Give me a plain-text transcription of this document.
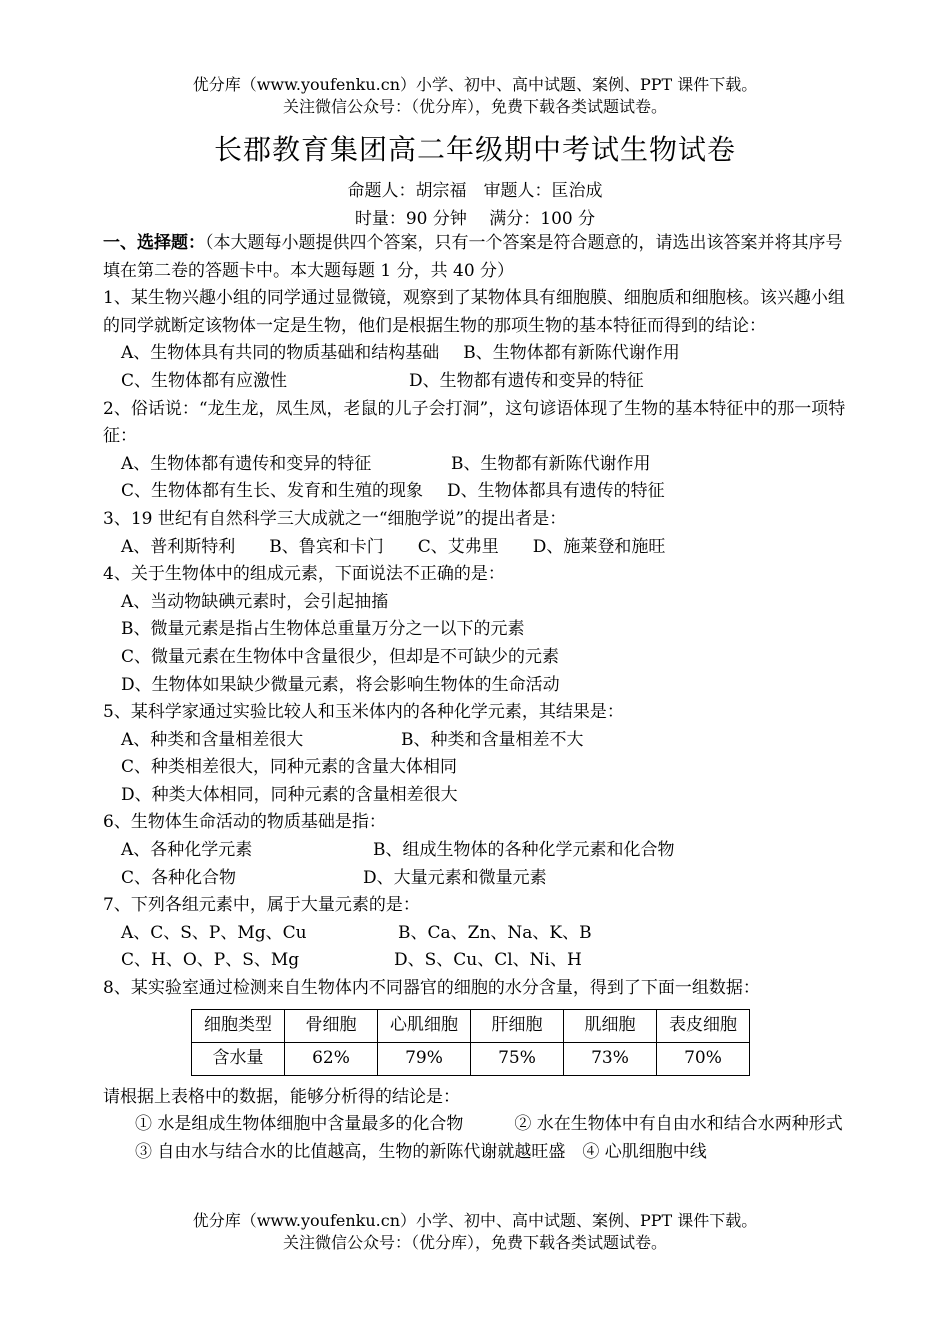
优分库（www.youfenku.cn）小学、初中、高中试题、案例、PPT 课件下载。
关注微信公众号：（优分库），免费下载各类试题试卷。
长郡教育集团高二年级期中考试生物试卷
命题人：胡宗福　审题人：匡治成
时量：90 分钟　 满分：100 分

一、选择题：（本大题每小题提供四个答案，只有一个答案是符合题意的，请选出该答案并将其序号填在第二卷的答题卡中。本大题每题 1 分，共 40 分）

1、某生物兴趣小组的同学通过显微镜，观察到了某物体具有细胞膜、细胞质和细胞核。该兴趣小组的同学就断定该物体一定是生物，他们是根据生物的那项生物的基本特征而得到的结论：

A、生物体具有共同的物质基础和结构基础 B、生物体都有新陈代谢作用

C、生物体都有应激性	D、生物都有遗传和变异的特征

2、俗话说：“龙生龙，凤生凤，老鼠的儿子会打洞”，这句谚语体现了生物的基本特征中的那一项特征：

A、生物体都有遗传和变异的特征	B、生物都有新陈代谢作用

C、生物体都有生长、发育和生殖的现象 D、生物体都具有遗传的特征

3、19 世纪有自然科学三大成就之一“细胞学说”的提出者是：

A、普利斯特利 B、鲁宾和卡门 C、艾弗里 D、施莱登和施旺

4、关于生物体中的组成元素，下面说法不正确的是：

A、当动物缺碘元素时，会引起抽搐

B、微量元素是指占生物体总重量万分之一以下的元素

C、微量元素在生物体中含量很少，但却是不可缺少的元素

D、生物体如果缺少微量元素，将会影响生物体的生命活动

5、某科学家通过实验比较人和玉米体内的各种化学元素，其结果是：

A、种类和含量相差很大	B、种类和含量相差不大

C、种类相差很大，同种元素的含量大体相同

D、种类大体相同，同种元素的含量相差很大

6、生物体生命活动的物质基础是指：

A、各种化学元素	B、组成生物体的各种化学元素和化合物

C、各种化合物	D、大量元素和微量元素

7、下列各组元素中，属于大量元素的是：

A、C、S、P、Mg、Cu	B、Ca、Zn、Na、K、B

C、H、O、P、S、Mg	D、S、Cu、Cl、Ni、H

8、某实验室通过检测来自生物体内不同器官的细胞的水分含量，得到了下面一组数据：

细胞类型	骨细胞	心肌细胞	肝细胞	肌细胞	表皮细胞
含水量	62%	79%	75%	73%	70%

请根据上表格中的数据，能够分析得的结论是：

① 水是组成生物体细胞中含量最多的化合物　　　	② 水在生物体中有自由水和结合水两种形式　③ 自由水与结合水的比值越高，生物的新陈代谢就越旺盛　 ④ 心肌细胞中线

优分库（www.youfenku.cn）小学、初中、高中试题、案例、PPT 课件下载。
关注微信公众号：（优分库），免费下载各类试题试卷。
